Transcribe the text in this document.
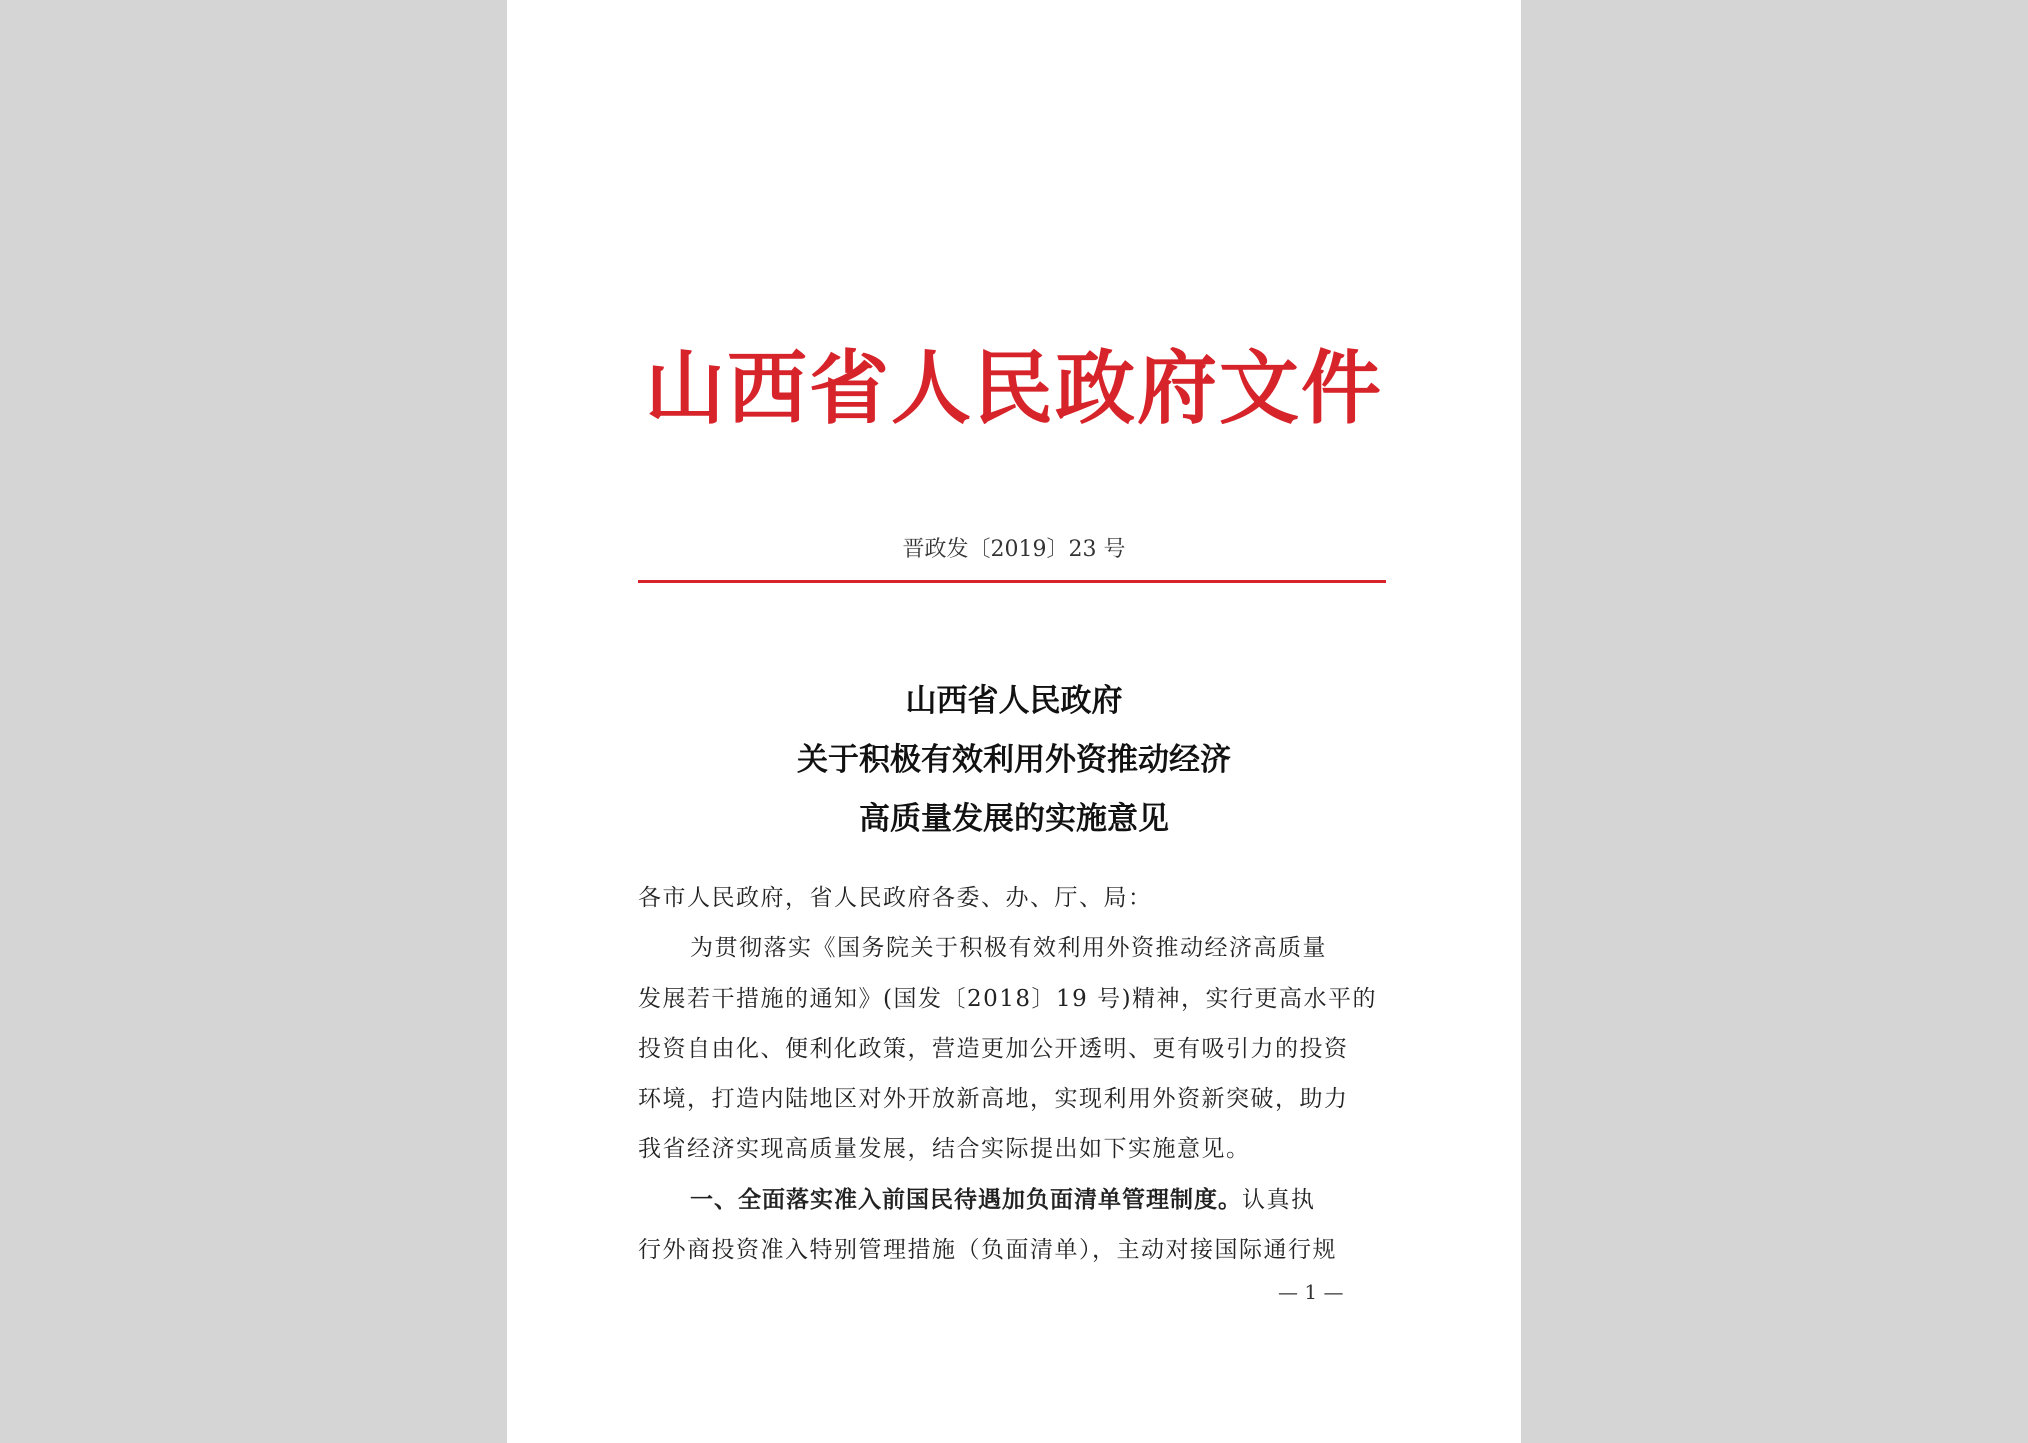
山西省人民政府文件
晋政发〔2019〕23 号
山西省人民政府
关于积极有效利用外资推动经济
高质量发展的实施意见
各市人民政府，省人民政府各委、办、厅、局：
为贯彻落实《国务院关于积极有效利用外资推动经济高质量
发展若干措施的通知》(国发〔2018〕19 号)精神，实行更高水平的
投资自由化、便利化政策，营造更加公开透明、更有吸引力的投资
环境，打造内陆地区对外开放新高地，实现利用外资新突破，助力
我省经济实现高质量发展，结合实际提出如下实施意见。
一、全面落实准入前国民待遇加负面清单管理制度。认真执
行外商投资准入特别管理措施（负面清单），主动对接国际通行规
— 1 —
